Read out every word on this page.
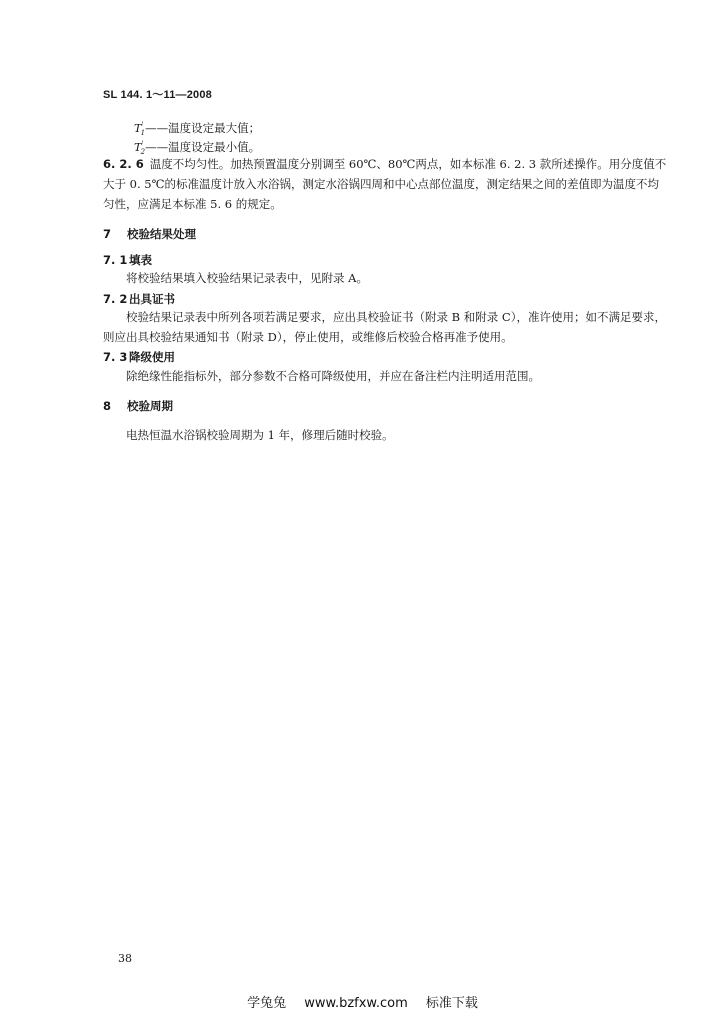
SL 144. 1～11—2008
$T'_1——$温度设定最大值；
$T'_2——$温度设定最小值。
6. 2. 6 温度不均匀性。加热预置温度分别调至 60℃、80℃两点，如本标准 6. 2. 3 款所述操作。用分度值不大于 0. 5℃的标准温度计放入水浴锅，测定水浴锅四周和中心点部位温度，测定结果之间的差值即为温度不均匀性，应满足本标准 5. 6 的规定。
7 校验结果处理
7. 1 填表
将校验结果填入校验结果记录表中，见附录 A。
7. 2 出具证书
校验结果记录表中所列各项若满足要求，应出具校验证书（附录 B 和附录 C），准许使用；如不满足要求，则应出具校验结果通知书（附录 D），停止使用，或维修后校验合格再准予使用。
7. 3 降级使用
除绝缘性能指标外，部分参数不合格可降级使用，并应在备注栏内注明适用范围。
8 校验周期
电热恒温水浴锅校验周期为 1 年，修理后随时校验。
38
学兔兔 www.bzfxw.com 标准下载
